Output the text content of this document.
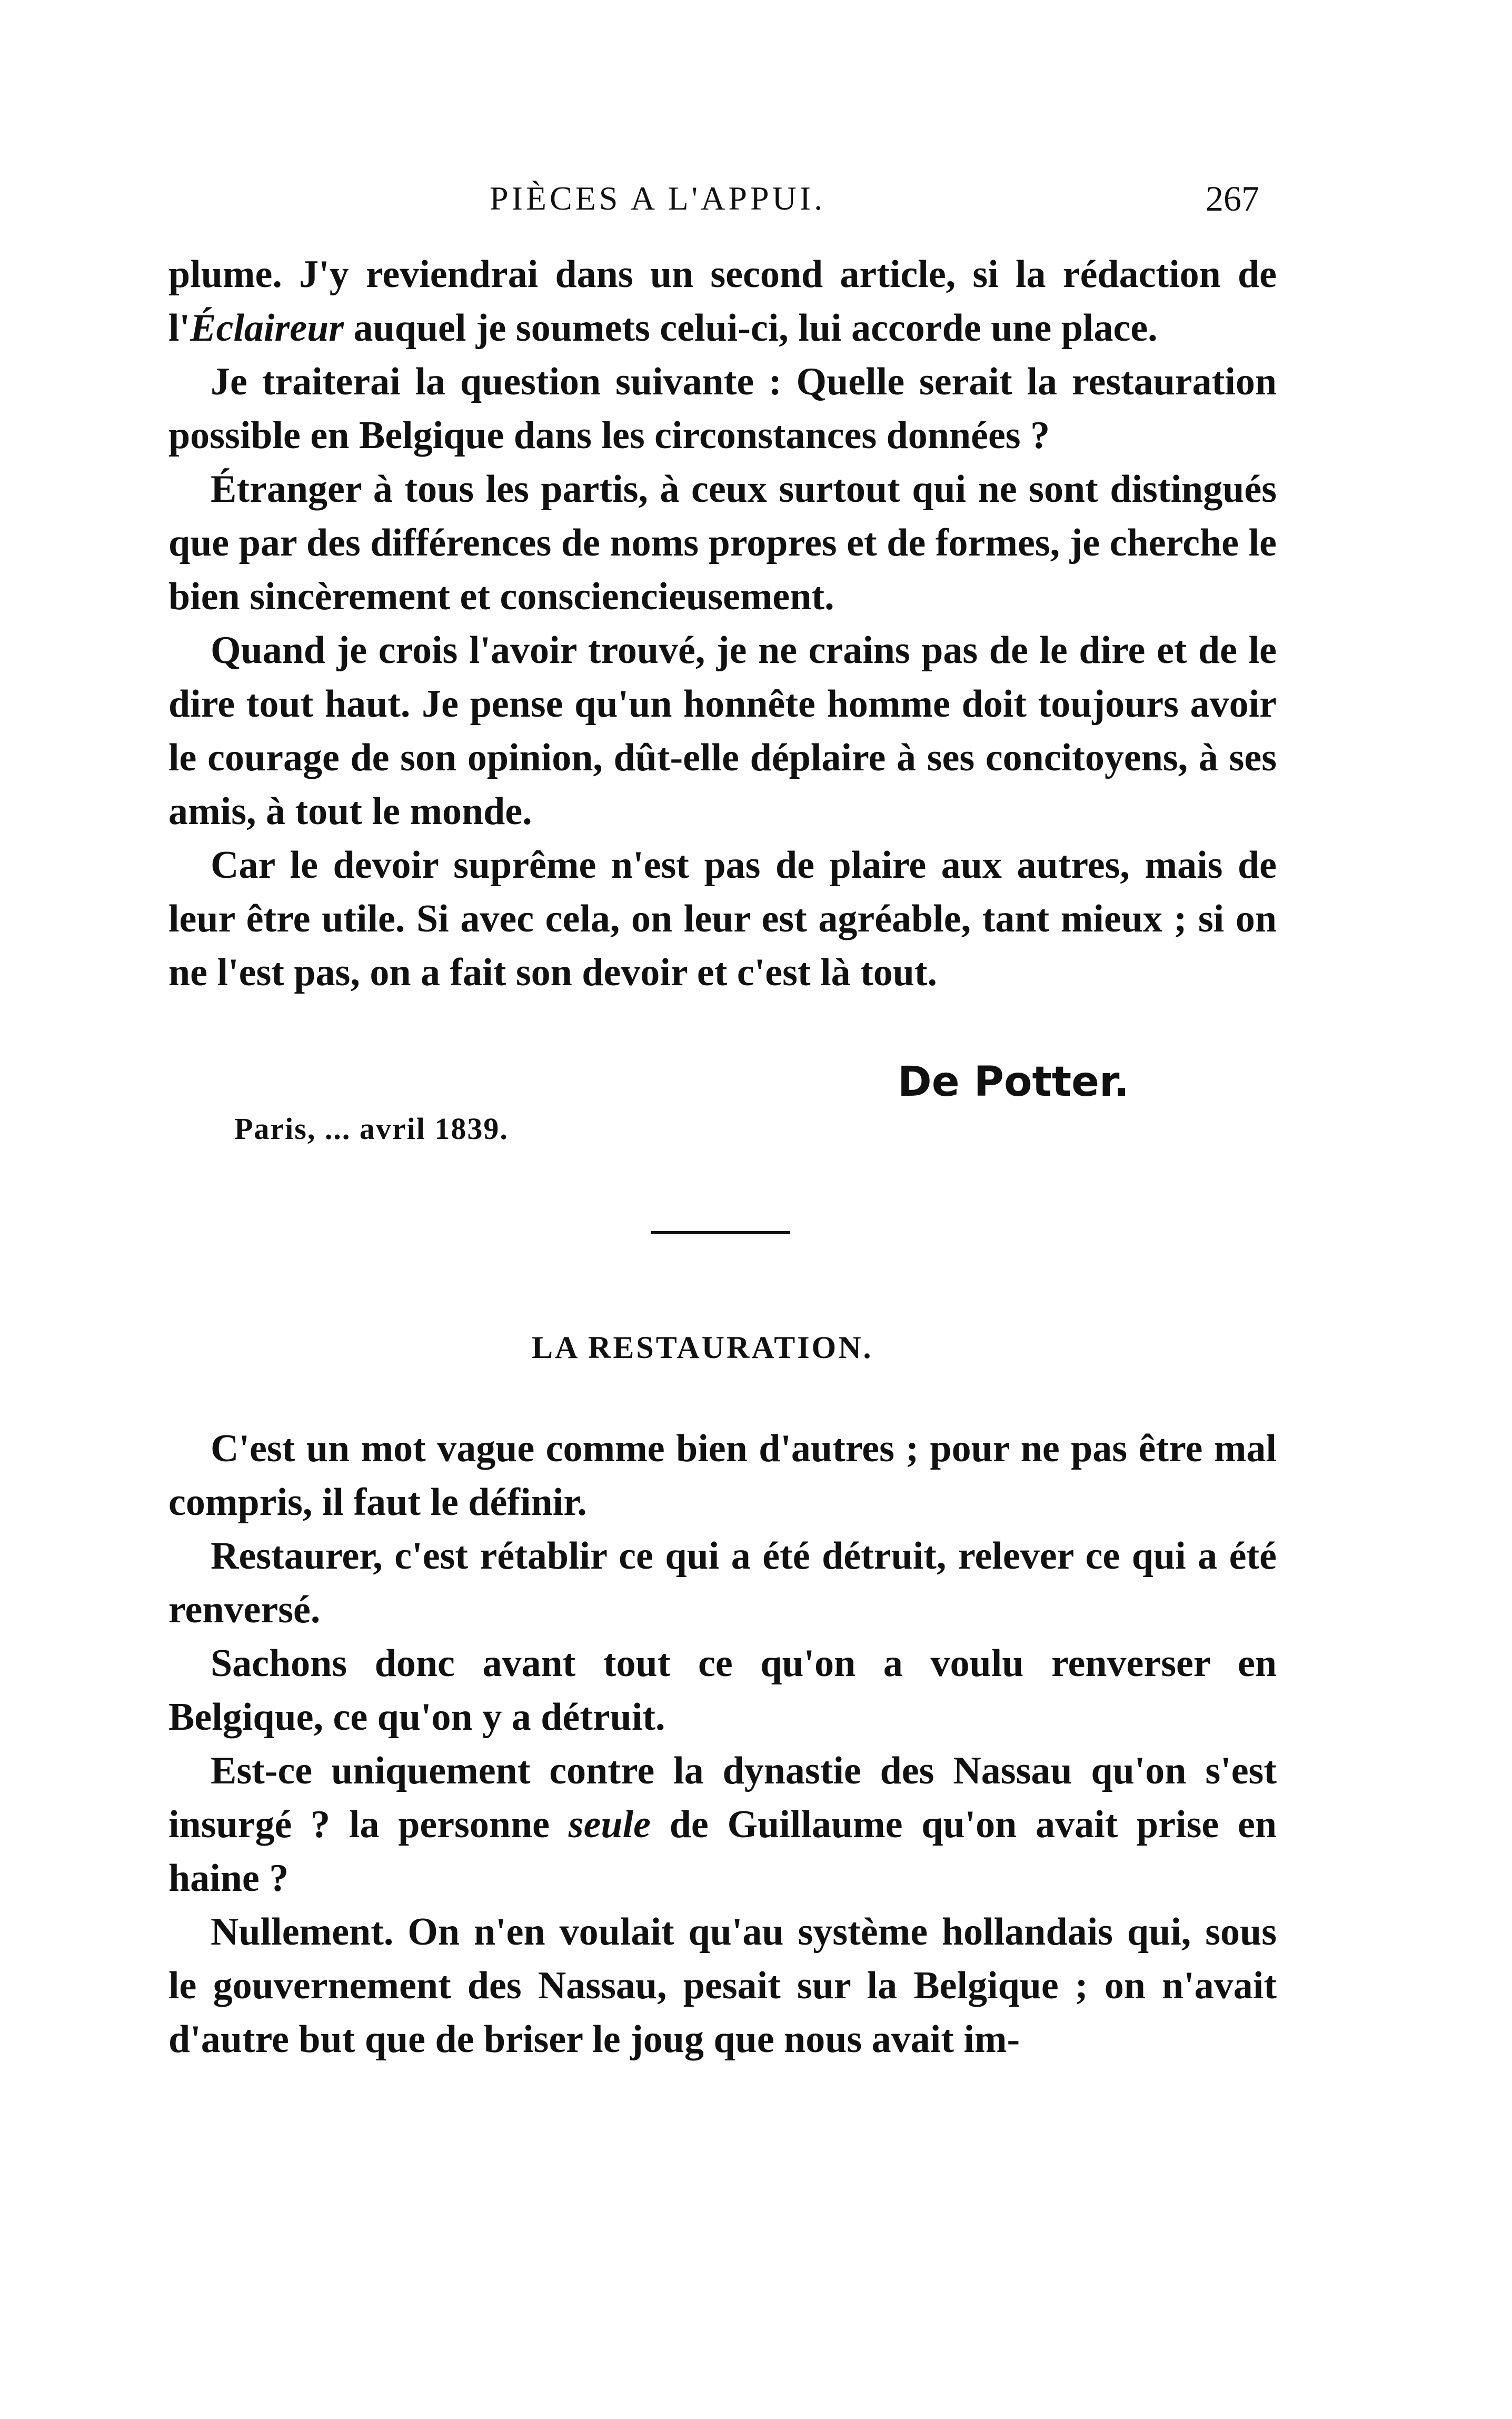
PIÈCES A L'APPUI.	267

plume. J'y reviendrai dans un second article, si la rédaction de l'Éclaireur auquel je soumets celui-ci, lui accorde une place.

Je traiterai la question suivante : Quelle serait la restauration possible en Belgique dans les circonstances données ?

Étranger à tous les partis, à ceux surtout qui ne sont distingués que par des différences de noms propres et de formes, je cherche le bien sincèrement et consciencieusement.

Quand je crois l'avoir trouvé, je ne crains pas de le dire et de le dire tout haut. Je pense qu'un honnête homme doit toujours avoir le courage de son opinion, dût-elle déplaire à ses concitoyens, à ses amis, à tout le monde.

Car le devoir suprême n'est pas de plaire aux autres, mais de leur être utile. Si avec cela, on leur est agréable, tant mieux ; si on ne l'est pas, on a fait son devoir et c'est là tout.

De Potter.
Paris, ... avril 1839.
LA RESTAURATION.

C'est un mot vague comme bien d'autres ; pour ne pas être mal compris, il faut le définir.

Restaurer, c'est rétablir ce qui a été détruit, relever ce qui a été renversé.

Sachons donc avant tout ce qu'on a voulu renverser en Belgique, ce qu'on y a détruit.

Est-ce uniquement contre la dynastie des Nassau qu'on s'est insurgé ? la personne seule de Guillaume qu'on avait prise en haine ?

Nullement. On n'en voulait qu'au système hollandais qui, sous le gouvernement des Nassau, pesait sur la Belgique ; on n'avait d'autre but que de briser le joug que nous avait im-
